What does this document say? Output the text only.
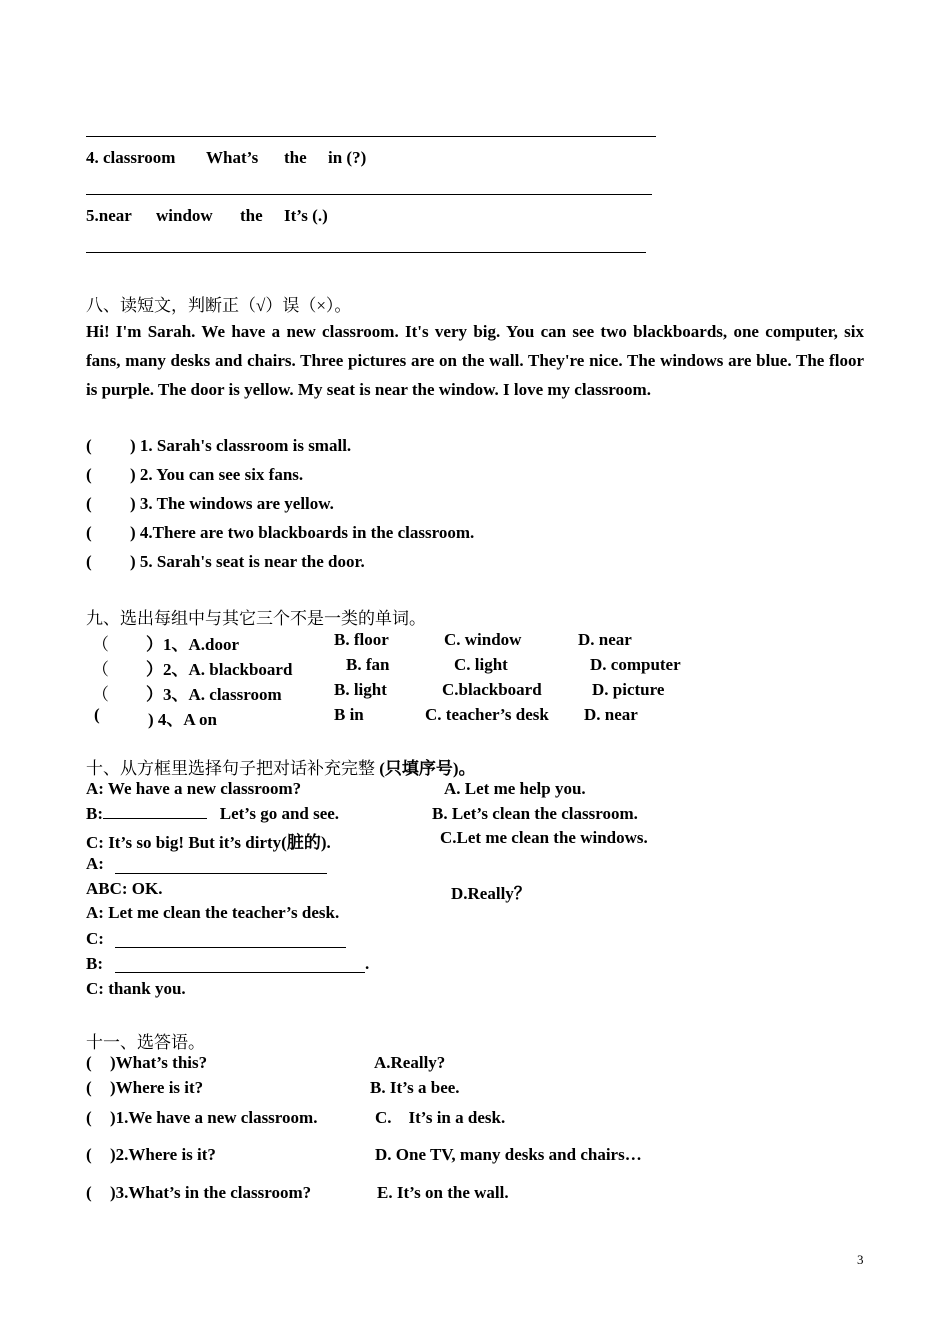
4. classroom What’s the in (?)
5.near window the It’s (.)
八、读短文，判断正（√）误（×）。
Hi! I'm Sarah. We have a new classroom. It's very big. You can see two blackboards, one computer, six fans, many desks and chairs. Three pictures are on the wall. They're nice. The windows are blue. The floor is purple. The door is yellow. My seat is near the window. I love my classroom.
( ) 1. Sarah's classroom is small.
( ) 2. You can see six fans.
( ) 3. The windows are yellow.
( ) 4.There are two blackboards in the classroom.
( ) 5. Sarah's seat is near the door.
九、选出每组中与其它三个不是一类的单词。
（ ）1、A.door	B. floor	C. window	D. near
（ ）2、A. blackboard	B. fan	C. light	D. computer
（ ）3、A. classroom	B. light	C.blackboard	D. picture
(	) 4、A on	B in	C. teacher’s desk D. near
十、从方框里选择句子把对话补充完整 (只填序号)。
A: We have a new classroom?	A. Let me help you.
B:	Let’s go and see.	B. Let’s clean the classroom.
C: It’s so big! But it’s dirty(脏的).	C.Let me clean the windows.
A:
ABC: OK.	D.Really？
A: Let me clean the teacher’s desk.
C:
B:	.
C: thank you.
十一、选答语。
( )What’s this?	A.Really?
( )Where is it?	B. It’s a bee.
( )1.We have a new classroom.	C.    It’s in a desk.
( )2.Where is it?	D. One TV, many desks and chairs…
( )3.What’s in the classroom?	E. It’s on the wall.
3
